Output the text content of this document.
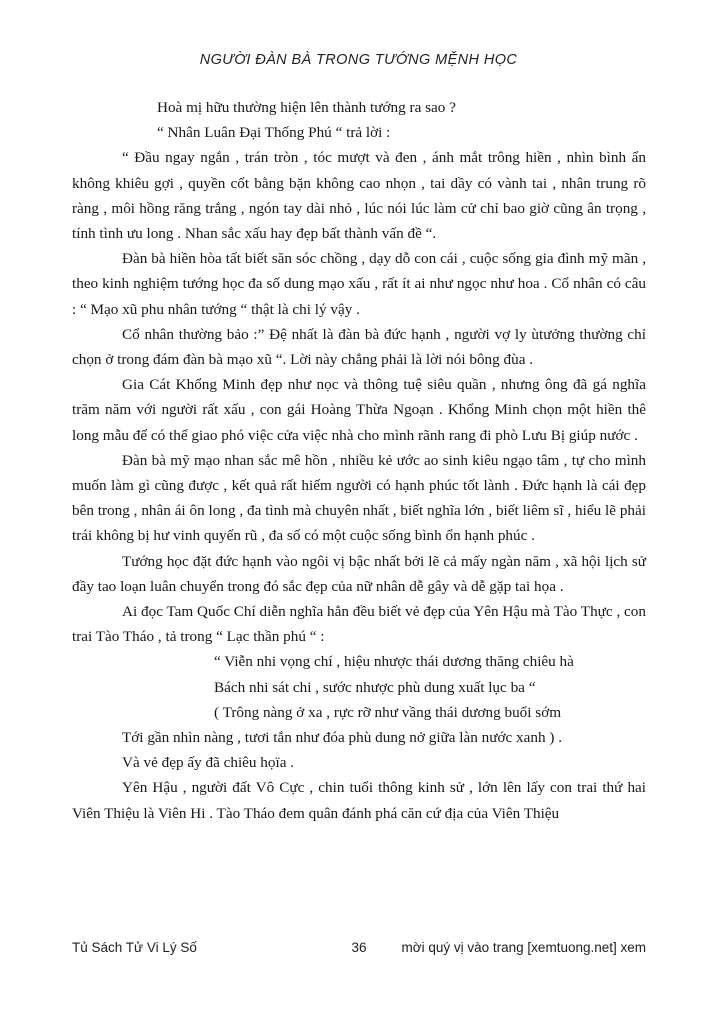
NGƯỜI ĐÀN BÀ TRONG TƯỚNG MỆNH HỌC

Hoà mị hữu thường hiện lên thành tướng ra sao ?

“ Nhân Luân Đại Thống Phú “ trả lời :

“ Đầu ngay ngắn , trán tròn , tóc mượt và đen , ánh mắt trông hiền , nhìn bình ẩn không khiêu gợi , quyền cốt bằng bặn không cao nhọn , tai dầy có vành tai , nhân trung rõ ràng , môi hồng răng trắng , ngón tay dài nhỏ , lúc nói lúc làm cử chỉ bao giờ cũng ân trọng , tính tình ưu long . Nhan sắc xấu hay đẹp bất thành vấn đề “.

Đàn bà hiền hòa tất biết săn sóc chồng , dạy dỗ con cái , cuộc sống gia đình mỹ mãn , theo kinh nghiệm tướng học đa số dung mạo xấu , rất ít ai như ngọc như hoa . Cổ nhân có câu : “ Mạo xũ phu nhân tướng “ thật là chi lý vậy .

Cổ nhân thường bảo :” Đệ nhất là đàn bà đức hạnh , người vợ ly ùtưởng thường chỉ chọn ở trong đám đàn bà mạo xũ “. Lời này chẳng phải là lời nói bông đùa .

Gia Cát Khổng Minh đẹp như nọc và thông tuệ siêu quần , nhưng ông đã gá nghĩa trăm năm với người rất xấu , con gái Hoàng Thừa Ngoạn . Khổng Minh chọn một hiền thê long mẫu để có thể giao phó việc cửa việc nhà cho mình rãnh rang đi phò Lưu Bị giúp nước .

Đàn bà mỹ mạo nhan sắc mê hồn , nhiều kẻ ước ao sinh kiêu ngạo tâm , tự cho mình muốn làm gì cũng được , kết quả rất hiếm người có hạnh phúc tốt lành . Đức hạnh là cái đẹp bên trong , nhân ái ôn long , đa tình mà chuyên nhất , biết nghĩa lớn , biết liêm sĩ , hiểu lẽ phải trái không bị hư vinh quyến rũ , đa số có một cuộc sống bình ổn hạnh phúc .

Tướng học đặt đức hạnh vào ngôi vị bậc nhất bởi lẽ cả mấy ngàn năm , xã hội lịch sử đầy tao loạn luân chuyển trong đó sắc đẹp của nữ nhân dễ gây và dễ gặp tai họa .

Ai đọc Tam Quốc Chí diễn nghĩa hẳn đều biết vẻ đẹp của Yên Hậu mà Tào Thực , con trai Tào Tháo , tả trong “ Lạc thần phú “ :

“ Viễn nhi vọng chí , hiệu nhược thái dương thăng chiêu hà

Bách nhi sát chi , sước nhược phù dung xuất lục ba “

( Trông nàng ở xa , rực rỡ như vầng thái dương buổi sớm

Tới gần nhìn nàng , tươi tắn như đóa phù dung nở giữa làn nước xanh ) .

Và vẻ đẹp ấy đã chiêu họïa .

Yên Hậu , người đất Vô Cực , chin tuổi thông kinh sử , lớn lên lấy con trai thứ hai Viên Thiệu là Viên Hi . Tào Tháo đem quân đánh phá căn cứ địa của Viên Thiệu

Tủ Sách Tử Vi Lý Số	36	mời quý vị vào trang [xemtuong.net] xem
